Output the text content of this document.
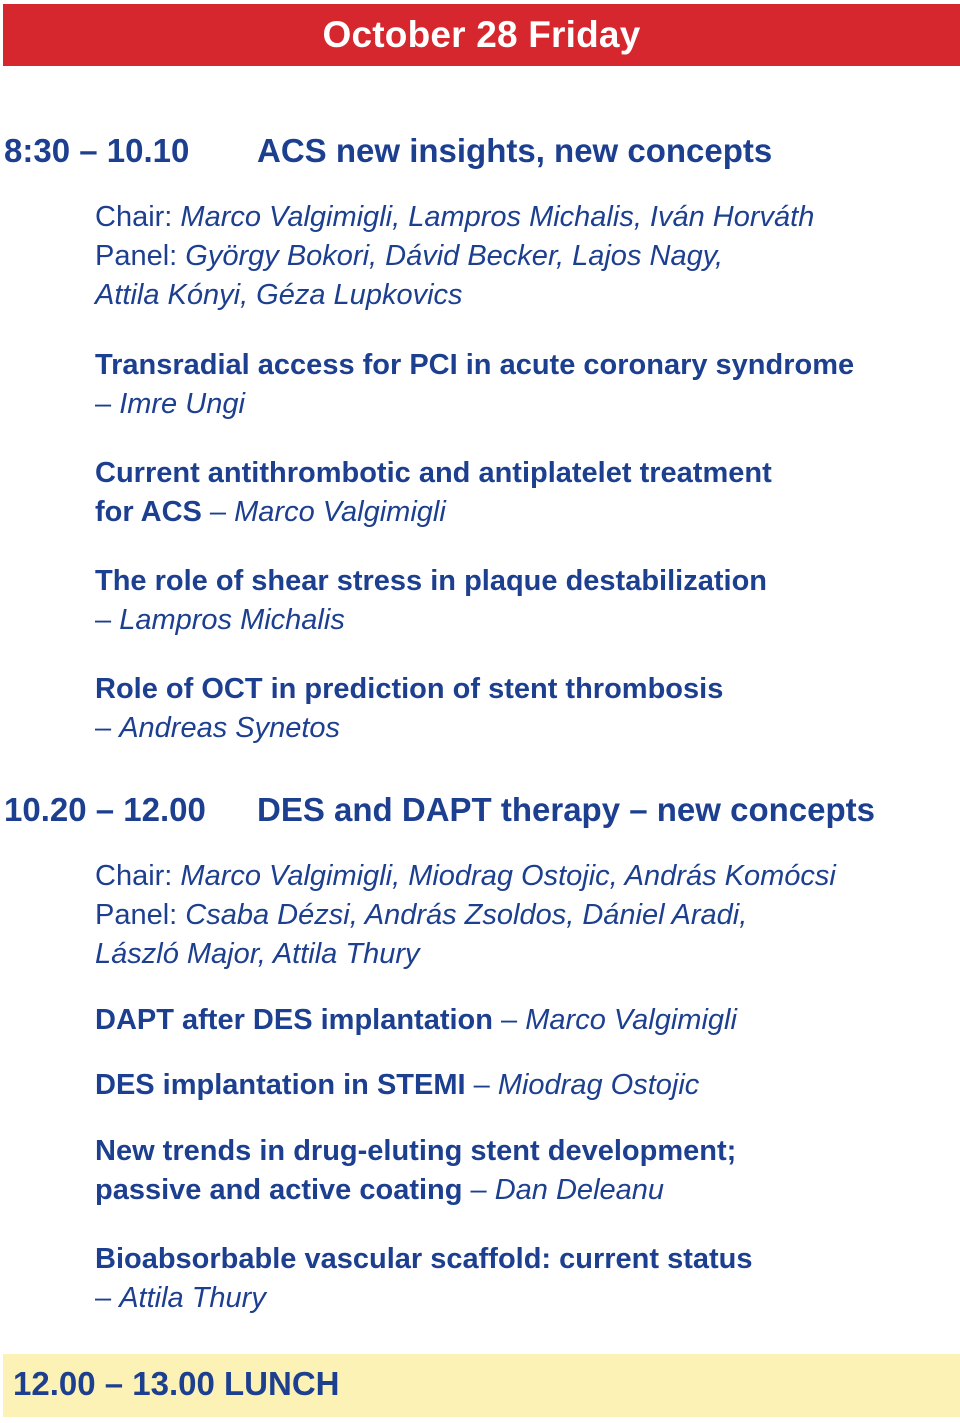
October 28 Friday
8:30 – 10.10 ACS new insights, new concepts
Chair: Marco Valgimigli, Lampros Michalis, Iván Horváth
Panel: György Bokori, Dávid Becker, Lajos Nagy,
Attila Kónyi, Géza Lupkovics
Transradial access for PCI in acute coronary syndrome
– Imre Ungi
Current antithrombotic and antiplatelet treatment
for ACS – Marco Valgimigli
The role of shear stress in plaque destabilization
– Lampros Michalis
Role of OCT in prediction of stent thrombosis
– Andreas Synetos
10.20 – 12.00 DES and DAPT therapy – new concepts
Chair: Marco Valgimigli, Miodrag Ostojic, András Komócsi
Panel: Csaba Dézsi, András Zsoldos, Dániel Aradi,
László Major, Attila Thury
DAPT after DES implantation – Marco Valgimigli
DES implantation in STEMI – Miodrag Ostojic
New trends in drug-eluting stent development;
passive and active coating – Dan Deleanu
Bioabsorbable vascular scaffold: current status
– Attila Thury
12.00 – 13.00 LUNCH
